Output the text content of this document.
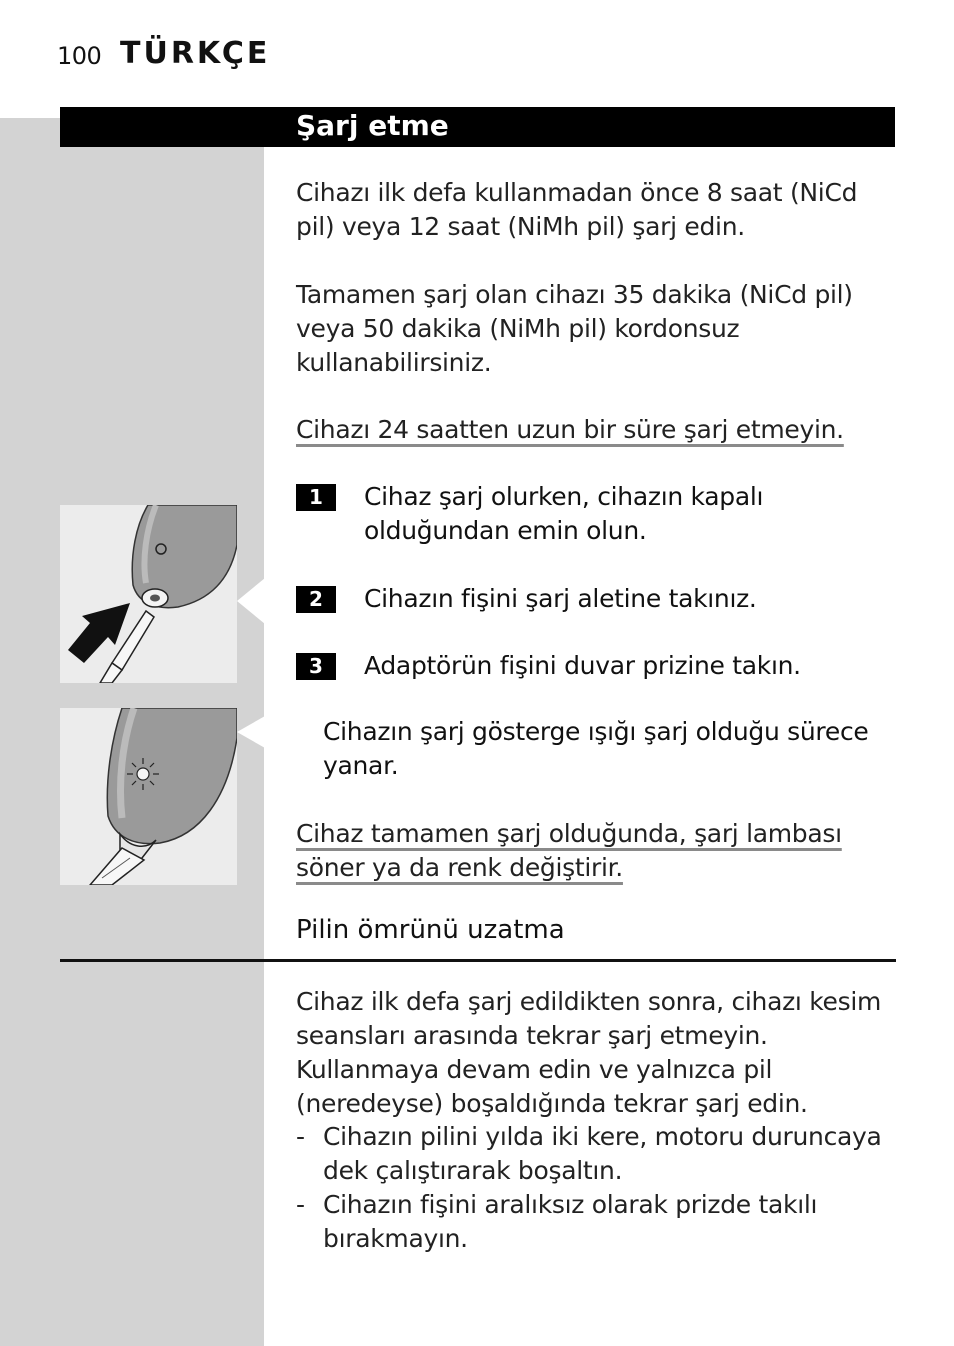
100 TÜRKÇE
Şarj etme

Cihazı ilk defa kullanmadan önce 8 saat (NiCd pil) veya 12 saat (NiMh pil) şarj edin.

Tamamen şarj olan cihazı 35 dakika (NiCd pil) veya 50 dakika (NiMh pil) kordonsuz kullanabilirsiniz.

Cihazı 24 saatten uzun bir süre şarj etmeyin.

1	Cihaz şarj olurken, cihazın kapalı olduğundan emin olun.

2	Cihazın fişini şarj aletine takınız.

3	Adaptörün fişini duvar prizine takın.

Cihazın şarj gösterge ışığı şarj olduğu sürece yanar.

Cihaz tamamen şarj olduğunda, şarj lambası söner ya da renk değiştirir.

Pilin ömrünü uzatma

Cihaz ilk defa şarj edildikten sonra, cihazı kesim seansları arasında tekrar şarj etmeyin. Kullanmaya devam edin ve yalnızca pil (neredeyse) boşaldığında tekrar şarj edin.

- Cihazın pilini yılda iki kere, motoru duruncaya dek çalıştırarak boşaltın.
- Cihazın fişini aralıksız olarak prizde takılı bırakmayın.
